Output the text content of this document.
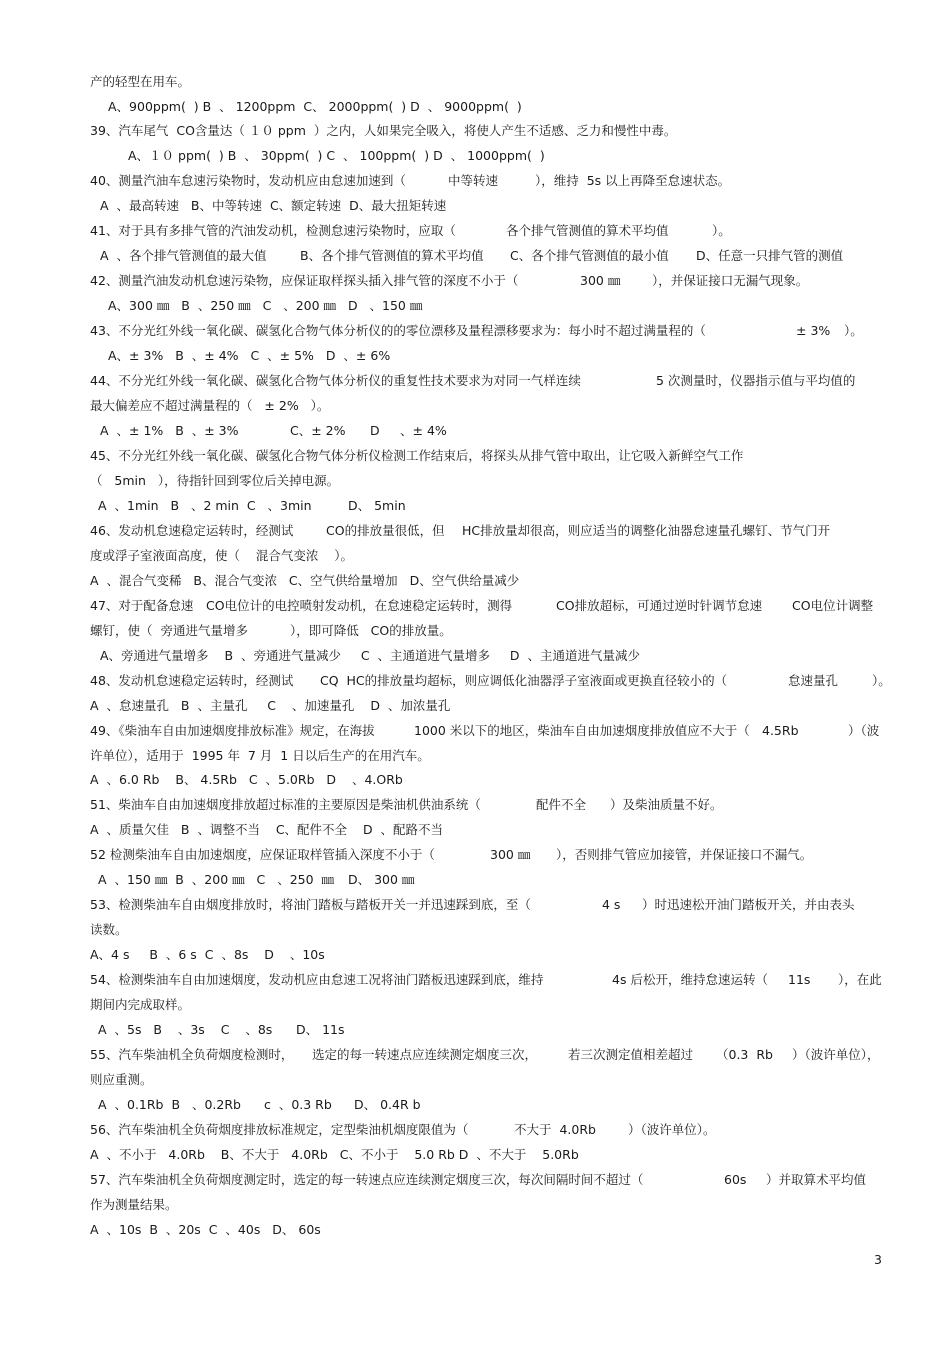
产的轻型在用车。
A、900ppm(  ) B  、 1200ppm  C、 2000ppm(  ) D  、 9000ppm(  )
39、汽车尾气  CO含量达（ １０ ppm  ）之内，人如果完全吸入，将使人产生不适感、乏力和慢性中毒。
A、１０ ppm(  ) B  、 30ppm(  ) C  、 100ppm(  ) D  、 1000ppm(  )
40、测量汽油车怠速污染物时，发动机应由怠速加速到（	中等转速	），维持  5s 以上再降至怠速状态。
A  、最高转速   B、中等转速  C、额定转速  D、最大扭矩转速
41、对于具有多排气管的汽油发动机，检测怠速污染物时，应取（	各个排气管测值的算术平均值	）。
A  、各个排气管测值的最大值	B、各个排气管测值的算术平均值 C、各个排气管测值的最小值 D、任意一只排气管的测值
42、测量汽油发动机怠速污染物，应保证取样探头插入排气管的深度不小于（	300 ㎜	），并保证接口无漏气现象。
A、300 ㎜   B  、250 ㎜   C   、200 ㎜   D   、150 ㎜
43、不分光红外线一氧化碳、碳氢化合物气体分析仪的的零位漂移及量程漂移要求为：每小时不超过满量程的（	± 3% ）。
A、± 3%   B  、± 4%   C  、± 5%   D  、± 6%
44、不分光红外线一氧化碳、碳氢化合物气体分析仪的重复性技术要求为对同一气样连续	5 次测量时，仪器指示值与平均值的
最大偏差应不超过满量程的（   ± 2%   ）。
A  、± 1%   B  、± 3%	C、± 2% D 、± 4%
45、不分光红外线一氧化碳、碳氢化合物气体分析仪检测工作结束后，将探头从排气管中取出，让它吸入新鲜空气工作
（   5min   ），待指针回到零位后关掉电源。
A  、1min   B   、2 min  C   、3min	D、 5min
46、发动机怠速稳定运转时，经测试	CO的排放量很低，但 HC排放量却很高，则应适当的调整化油器怠速量孔螺钉、节气门开
度或浮子室液面高度，使（    混合气变浓    ）。
A  、混合气变稀   B、混合气变浓   C、空气供给量增加   D、空气供给量减少
47、对于配备怠速 CO电位计的电控喷射发动机，在怠速稳定运转时，测得	CO排放超标，可通过逆时针调节怠速 CO电位计调整
螺钉，使（  旁通进气量增多	），即可降低   CO的排放量。
A、旁通进气量增多    B  、旁通进气量减少     C  、主通道进气量增多     D  、主通道进气量减少
48、发动机怠速稳定运转时，经测试 CQ  HC的排放量均超标，则应调低化油器浮子室液面或更换直径较小的（	怠速量孔	）。
A  、怠速量孔   B  、主量孔     C    、加速量孔    D  、加浓量孔
49、《柴油车自由加速烟度排放标准》规定，在海拔	1000 米以下的地区，柴油车自由加速烟度排放值应不大于（ 4.5Rb	）（波
许单位），适用于  1995 年  7 月  1 日以后生产的在用汽车。
A  、6.0 Rb    B、 4.5Rb   C  、5.0Rb   D    、4.ORb
51、柴油车自由加速烟度排放超过标准的主要原因是柴油机供油系统（	配件不全 ）及柴油质量不好。
A  、质量欠佳   B  、调整不当    C、配件不全    D  、配路不当
52 检测柴油车自由加速烟度，应保证取样管插入深度不小于（	300 ㎜ ），否则排气管应加接管，并保证接口不漏气。
A  、150 ㎜  B  、200 ㎜   C   、250  ㎜ D、 300 ㎜
53、检测柴油车自由烟度排放时，将油门踏板与踏板开关一并迅速踩到底，至（	4 s ）时迅速松开油门踏板开关，并由表头
读数。
A、4 s     B  、6 s  C  、8s    D    、10s
54、检测柴油车自由加速烟度，发动机应由怠速工况将油门踏板迅速踩到底，维持	4s 后松开，维持怠速运转（ 11s ），在此
期间内完成取样。
A  、5s   B    、3s    C    、8s D、 11s
55、汽车柴油机全负荷烟度检测时， 选定的每一转速点应连续测定烟度三次， 若三次测定值相差超过 （0.3  Rb ）（波许单位），
则应重测。
A  、0.1Rb  B   、0.2Rb c  、0.3 Rb D、 0.4R b
56、汽车柴油机全负荷烟度排放标准规定，定型柴油机烟度限值为（	不大于  4.0Rb	）（波许单位）。
A  、不小于   4.0Rb    B、不大于   4.0Rb   C、不小于    5.0 Rb D  、不大于    5.0Rb
57、汽车柴油机全负荷烟度测定时，选定的每一转速点应连续测定烟度三次，每次间隔时间不超过（	60s ）并取算术平均值
作为测量结果。
A  、10s  B  、20s  C  、40s   D、 60s
3
